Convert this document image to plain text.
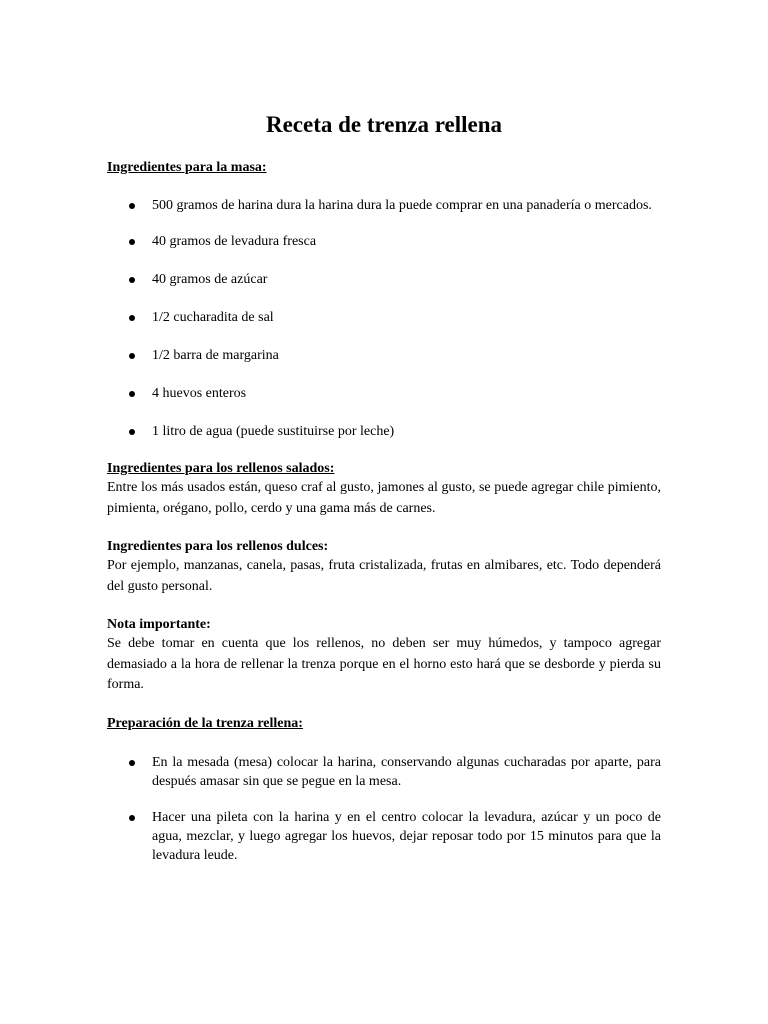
Receta de trenza rellena

Ingredientes para la masa:

500 gramos de harina dura la harina dura la puede comprar en una panadería o mercados.
40 gramos de levadura fresca
40 gramos de azúcar
1/2 cucharadita de sal
1/2 barra de margarina
4 huevos enteros
1 litro de agua (puede sustituirse por leche)

Ingredientes para los rellenos salados:

Entre los más usados están, queso craf al gusto, jamones al gusto, se puede agregar chile pimiento, pimienta, orégano, pollo, cerdo y una gama más de carnes.

Ingredientes para los rellenos dulces:

Por ejemplo, manzanas, canela, pasas, fruta cristalizada, frutas en almibares, etc. Todo dependerá del gusto personal.

Nota importante:

Se debe tomar en cuenta que los rellenos, no deben ser muy húmedos, y tampoco agregar demasiado a la hora de rellenar la trenza porque en el horno esto hará que se desborde y pierda su forma.

Preparación de la trenza rellena:

En la mesada (mesa) colocar la harina, conservando algunas cucharadas por aparte, para después amasar sin que se pegue en la mesa.
Hacer una pileta con la harina y en el centro colocar la levadura, azúcar y un poco de agua, mezclar, y luego agregar los huevos, dejar reposar todo por 15 minutos para que la levadura leude.
